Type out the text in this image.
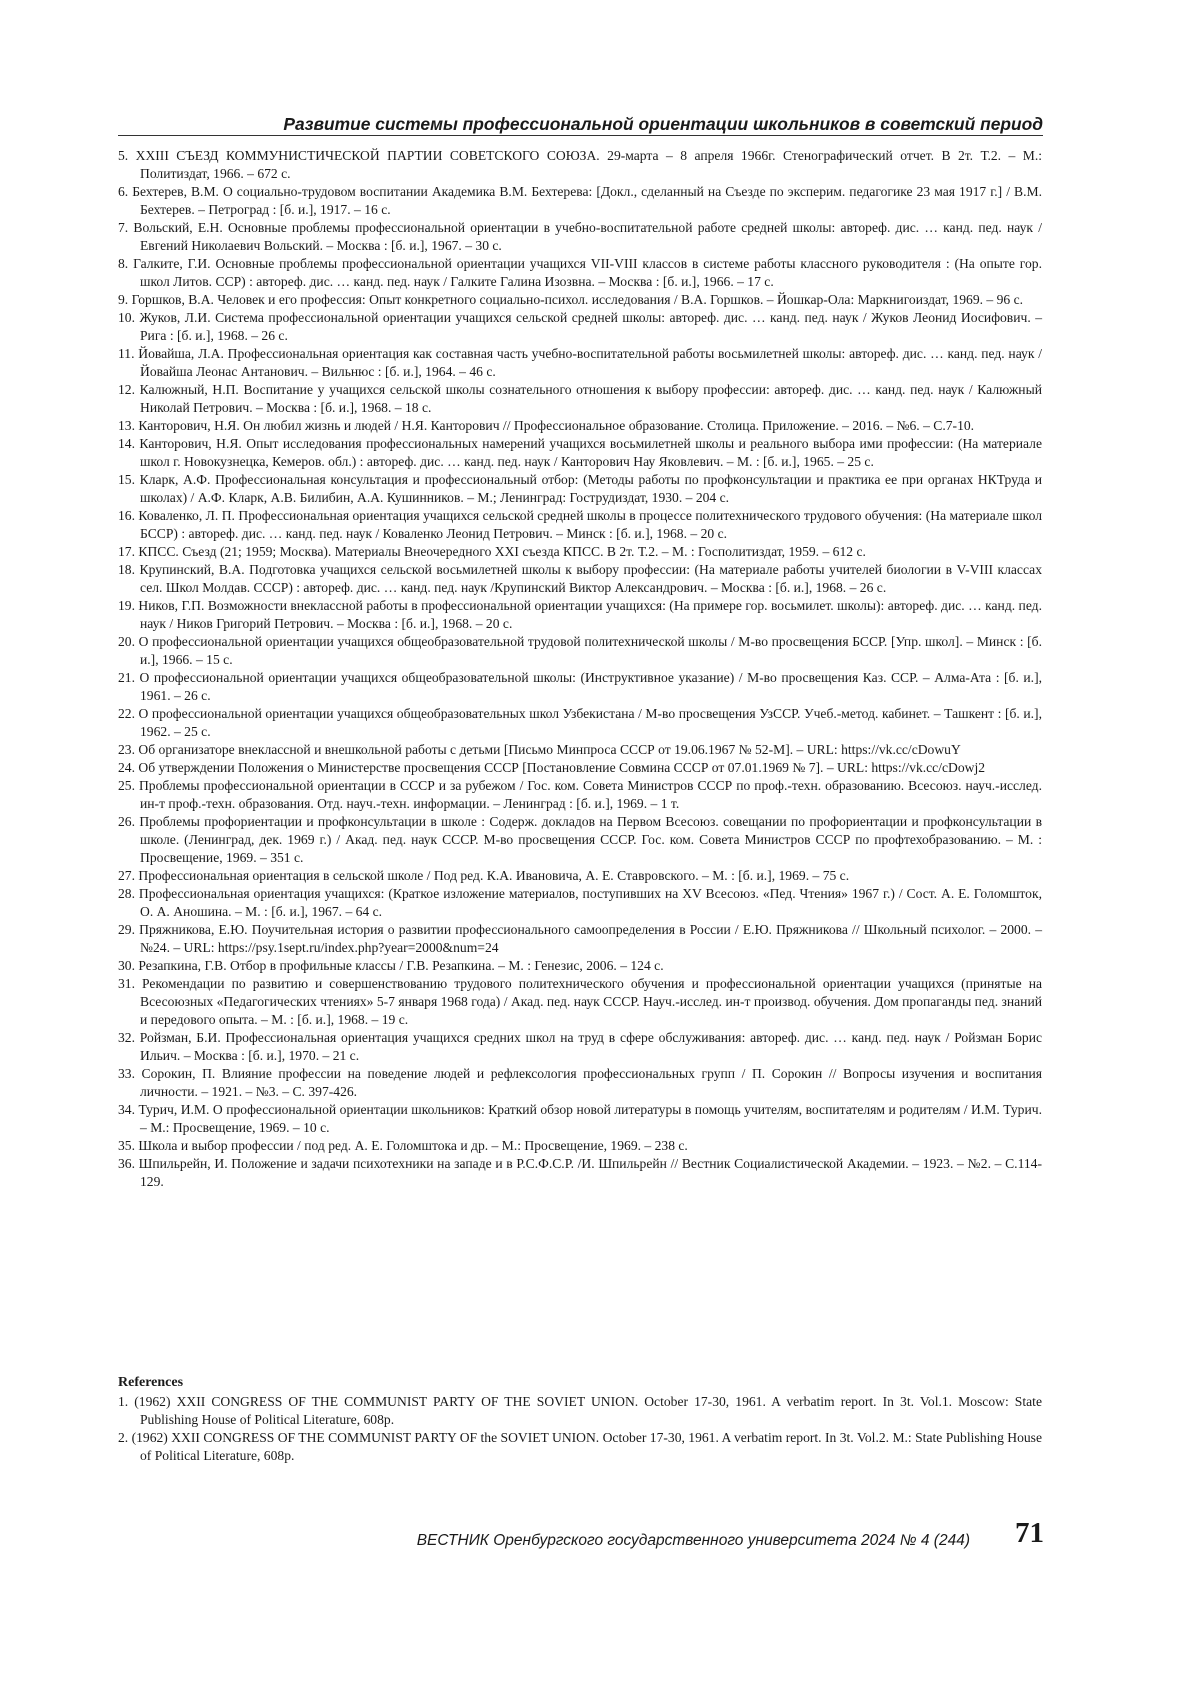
Развитие системы профессиональной ориентации школьников в советский период

5. XXIII СЪЕЗД КОММУНИСТИЧЕСКОЙ ПАРТИИ СОВЕТСКОГО СОЮЗА. 29-марта – 8 апреля 1966г. Стенографический отчет. В 2т. Т.2. – М.: Политиздат, 1966. – 672 с.

6. Бехтерев, В.М. О социально-трудовом воспитании Академика В.М. Бехтерева: [Докл., сделанный на Съезде по эксперим. педагогике 23 мая 1917 г.] / В.М. Бехтерев. – Петроград : [б. и.], 1917. – 16 с.

7. Вольский, Е.Н. Основные проблемы профессиональной ориентации в учебно-воспитательной работе средней школы: автореф. дис. … канд. пед. наук / Евгений Николаевич Вольский. – Москва : [б. и.], 1967. – 30 с.

8. Галките, Г.И. Основные проблемы профессиональной ориентации учащихся VII-VIII классов в системе работы классного руководителя : (На опыте гор. школ Литов. ССР) : автореф. дис. … канд. пед. наук / Галките Галина Изозвна. – Москва : [б. и.], 1966. – 17 с.

9. Горшков, В.А. Человек и его профессия: Опыт конкретного социально-психол. исследования / В.А. Горшков. – Йошкар-Ола: Маркнигоиздат, 1969. – 96 с.

10. Жуков, Л.И. Система профессиональной ориентации учащихся сельской средней школы: автореф. дис. … канд. пед. наук / Жуков Леонид Иосифович. – Рига : [б. и.], 1968. – 26 с.

11. Йовайша, Л.А. Профессиональная ориентация как составная часть учебно-воспитательной работы восьмилетней школы: автореф. дис. … канд. пед. наук / Йовайша Леонас Антанович. – Вильнюс : [б. и.], 1964. – 46 с.

12. Калюжный, Н.П. Воспитание у учащихся сельской школы сознательного отношения к выбору профессии: автореф. дис. … канд. пед. наук / Калюжный Николай Петрович. – Москва : [б. и.], 1968. – 18 с.

13. Канторович, Н.Я. Он любил жизнь и людей / Н.Я. Канторович // Профессиональное образование. Столица. Приложение. – 2016. – №6. – С.7-10.

14. Канторович, Н.Я. Опыт исследования профессиональных намерений учащихся восьмилетней школы и реального выбора ими профессии: (На материале школ г. Новокузнецка, Кемеров. обл.) : автореф. дис. … канд. пед. наук / Канторович Нау Яковлевич. – М. : [б. и.], 1965. – 25 с.

15. Кларк, А.Ф. Профессиональная консультация и профессиональный отбор: (Методы работы по профконсультации и практика ее при органах НКТруда и школах) / А.Ф. Кларк, А.В. Билибин, А.А. Кушинников. – М.; Ленинград: Гострудиздат, 1930. – 204 с.

16. Коваленко, Л. П. Профессиональная ориентация учащихся сельской средней школы в процессе политехнического трудового обучения: (На материале школ БССР) : автореф. дис. … канд. пед. наук / Коваленко Леонид Петрович. – Минск : [б. и.], 1968. – 20 с.

17. КПСС. Съезд (21; 1959; Москва). Материалы Внеочередного XXI съезда КПСС. В 2т. Т.2. – М. : Госполитиздат, 1959. – 612 с.

18. Крупинский, В.А. Подготовка учащихся сельской восьмилетней школы к выбору профессии: (На материале работы учителей биологии в V-VIII классах сел. Школ Молдав. СССР) : автореф. дис. … канд. пед. наук /Крупинский Виктор Александрович. – Москва : [б. и.], 1968. – 26 с.

19. Ников, Г.П. Возможности внеклассной работы в профессиональной ориентации учащихся: (На примере гор. восьмилет. школы): автореф. дис. … канд. пед. наук / Ников Григорий Петрович. – Москва : [б. и.], 1968. – 20 с.

20. О профессиональной ориентации учащихся общеобразовательной трудовой политехнической школы / М-во просвещения БССР. [Упр. школ]. – Минск : [б. и.], 1966. – 15 с.

21. О профессиональной ориентации учащихся общеобразовательной школы: (Инструктивное указание) / М-во просвещения Каз. ССР. – Алма-Ата : [б. и.], 1961. – 26 с.

22. О профессиональной ориентации учащихся общеобразовательных школ Узбекистана / М-во просвещения УзССР. Учеб.-метод. кабинет. – Ташкент : [б. и.], 1962. – 25 с.

23. Об организаторе внеклассной и внешкольной работы с детьми [Письмо Минпроса СССР от 19.06.1967 № 52-М]. – URL: https://vk.cc/cDowuY

24. Об утверждении Положения о Министерстве просвещения СССР [Постановление Совмина СССР от 07.01.1969 № 7]. – URL: https://vk.cc/cDowj2

25. Проблемы профессиональной ориентации в СССР и за рубежом / Гос. ком. Совета Министров СССР по проф.-техн. образованию. Всесоюз. науч.-исслед. ин-т проф.-техн. образования. Отд. науч.-техн. информации. – Ленинград : [б. и.], 1969. – 1 т.

26. Проблемы профориентации и профконсультации в школе : Содерж. докладов на Первом Всесоюз. совещании по профориентации и профконсультации в школе. (Ленинград, дек. 1969 г.) / Акад. пед. наук СССР. М-во просвещения СССР. Гос. ком. Совета Министров СССР по профтехобразованию. – М. : Просвещение, 1969. – 351 с.

27. Профессиональная ориентация в сельской школе / Под ред. К.А. Ивановича, А. Е. Ставровского. – М. : [б. и.], 1969. – 75 с.

28. Профессиональная ориентация учащихся: (Краткое изложение материалов, поступивших на XV Всесоюз. «Пед. Чтения» 1967 г.) / Сост. А. Е. Голомшток, О. А. Аношина. – М. : [б. и.], 1967. – 64 с.

29. Пряжникова, Е.Ю. Поучительная история о развитии профессионального самоопределения в России / Е.Ю. Пряжникова // Школьный психолог. – 2000. – №24. – URL: https://psy.1sept.ru/index.php?year=2000&num=24

30. Резапкина, Г.В. Отбор в профильные классы / Г.В. Резапкина. – М. : Генезис, 2006. – 124 с.

31. Рекомендации по развитию и совершенствованию трудового политехнического обучения и профессиональной ориентации учащихся (принятые на Всесоюзных «Педагогических чтениях» 5-7 января 1968 года) / Акад. пед. наук СССР. Науч.-исслед. ин-т производ. обучения. Дом пропаганды пед. знаний и передового опыта. – М. : [б. и.], 1968. – 19 с.

32. Ройзман, Б.И. Профессиональная ориентация учащихся средних школ на труд в сфере обслуживания: автореф. дис. … канд. пед. наук / Ройзман Борис Ильич. – Москва : [б. и.], 1970. – 21 с.

33. Сорокин, П. Влияние профессии на поведение людей и рефлексология профессиональных групп / П. Сорокин // Вопросы изучения и воспитания личности. – 1921. – №3. – С. 397-426.

34. Турич, И.М. О профессиональной ориентации школьников: Краткий обзор новой литературы в помощь учителям, воспитателям и родителям / И.М. Турич. – М.: Просвещение, 1969. – 10 с.

35. Школа и выбор профессии / под ред. А. Е. Голомштока и др. – М.: Просвещение, 1969. – 238 с.

36. Шпильрейн, И. Положение и задачи психотехники на западе и в Р.С.Ф.С.Р. /И. Шпильрейн // Вестник Социалистической Академии. – 1923. – №2. – С.114-129.

References

1. (1962) XXII CONGRESS OF THE COMMUNIST PARTY OF THE SOVIET UNION. October 17-30, 1961. A verbatim report. In 3t. Vol.1. Moscow: State Publishing House of Political Literature, 608p.

2. (1962) XXII CONGRESS OF THE COMMUNIST PARTY OF the SOVIET UNION. October 17-30, 1961. A verbatim report. In 3t. Vol.2. M.: State Publishing House of Political Literature, 608p.

ВЕСТНИК Оренбургского государственного университета 2024 № 4 (244)	71
